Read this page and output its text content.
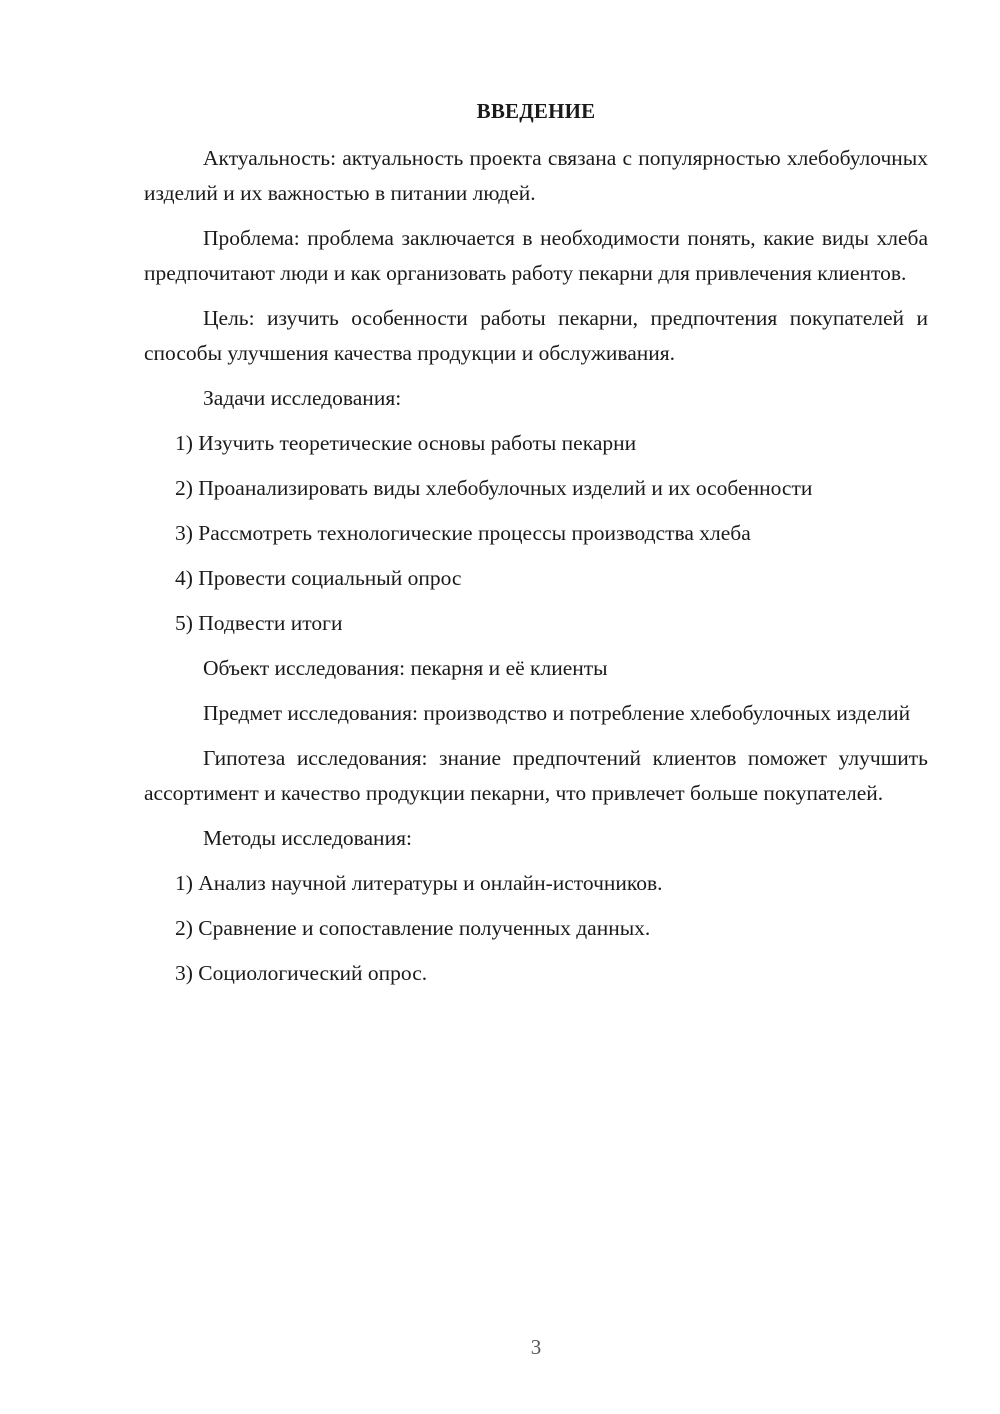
ВВЕДЕНИЕ

Актуальность: актуальность проекта связана с популярностью хлебобулочных изделий и их важностью в питании людей.

Проблема: проблема заключается в необходимости понять, какие виды хлеба предпочитают люди и как организовать работу пекарни для привлечения клиентов.

Цель: изучить особенности работы пекарни, предпочтения покупателей и способы улучшения качества продукции и обслуживания.

Задачи исследования:

1) Изучить теоретические основы работы пекарни

2) Проанализировать виды хлебобулочных изделий и их особенности

3) Рассмотреть технологические процессы производства хлеба

4) Провести социальный опрос

5) Подвести итоги

Объект исследования: пекарня и её клиенты

Предмет исследования: производство и потребление хлебобулочных изделий

Гипотеза исследования: знание предпочтений клиентов поможет улучшить ассортимент и качество продукции пекарни, что привлечет больше покупателей.

Методы исследования:

1) Анализ научной литературы и онлайн-источников.

2) Сравнение и сопоставление полученных данных.

3) Социологический опрос.

3
